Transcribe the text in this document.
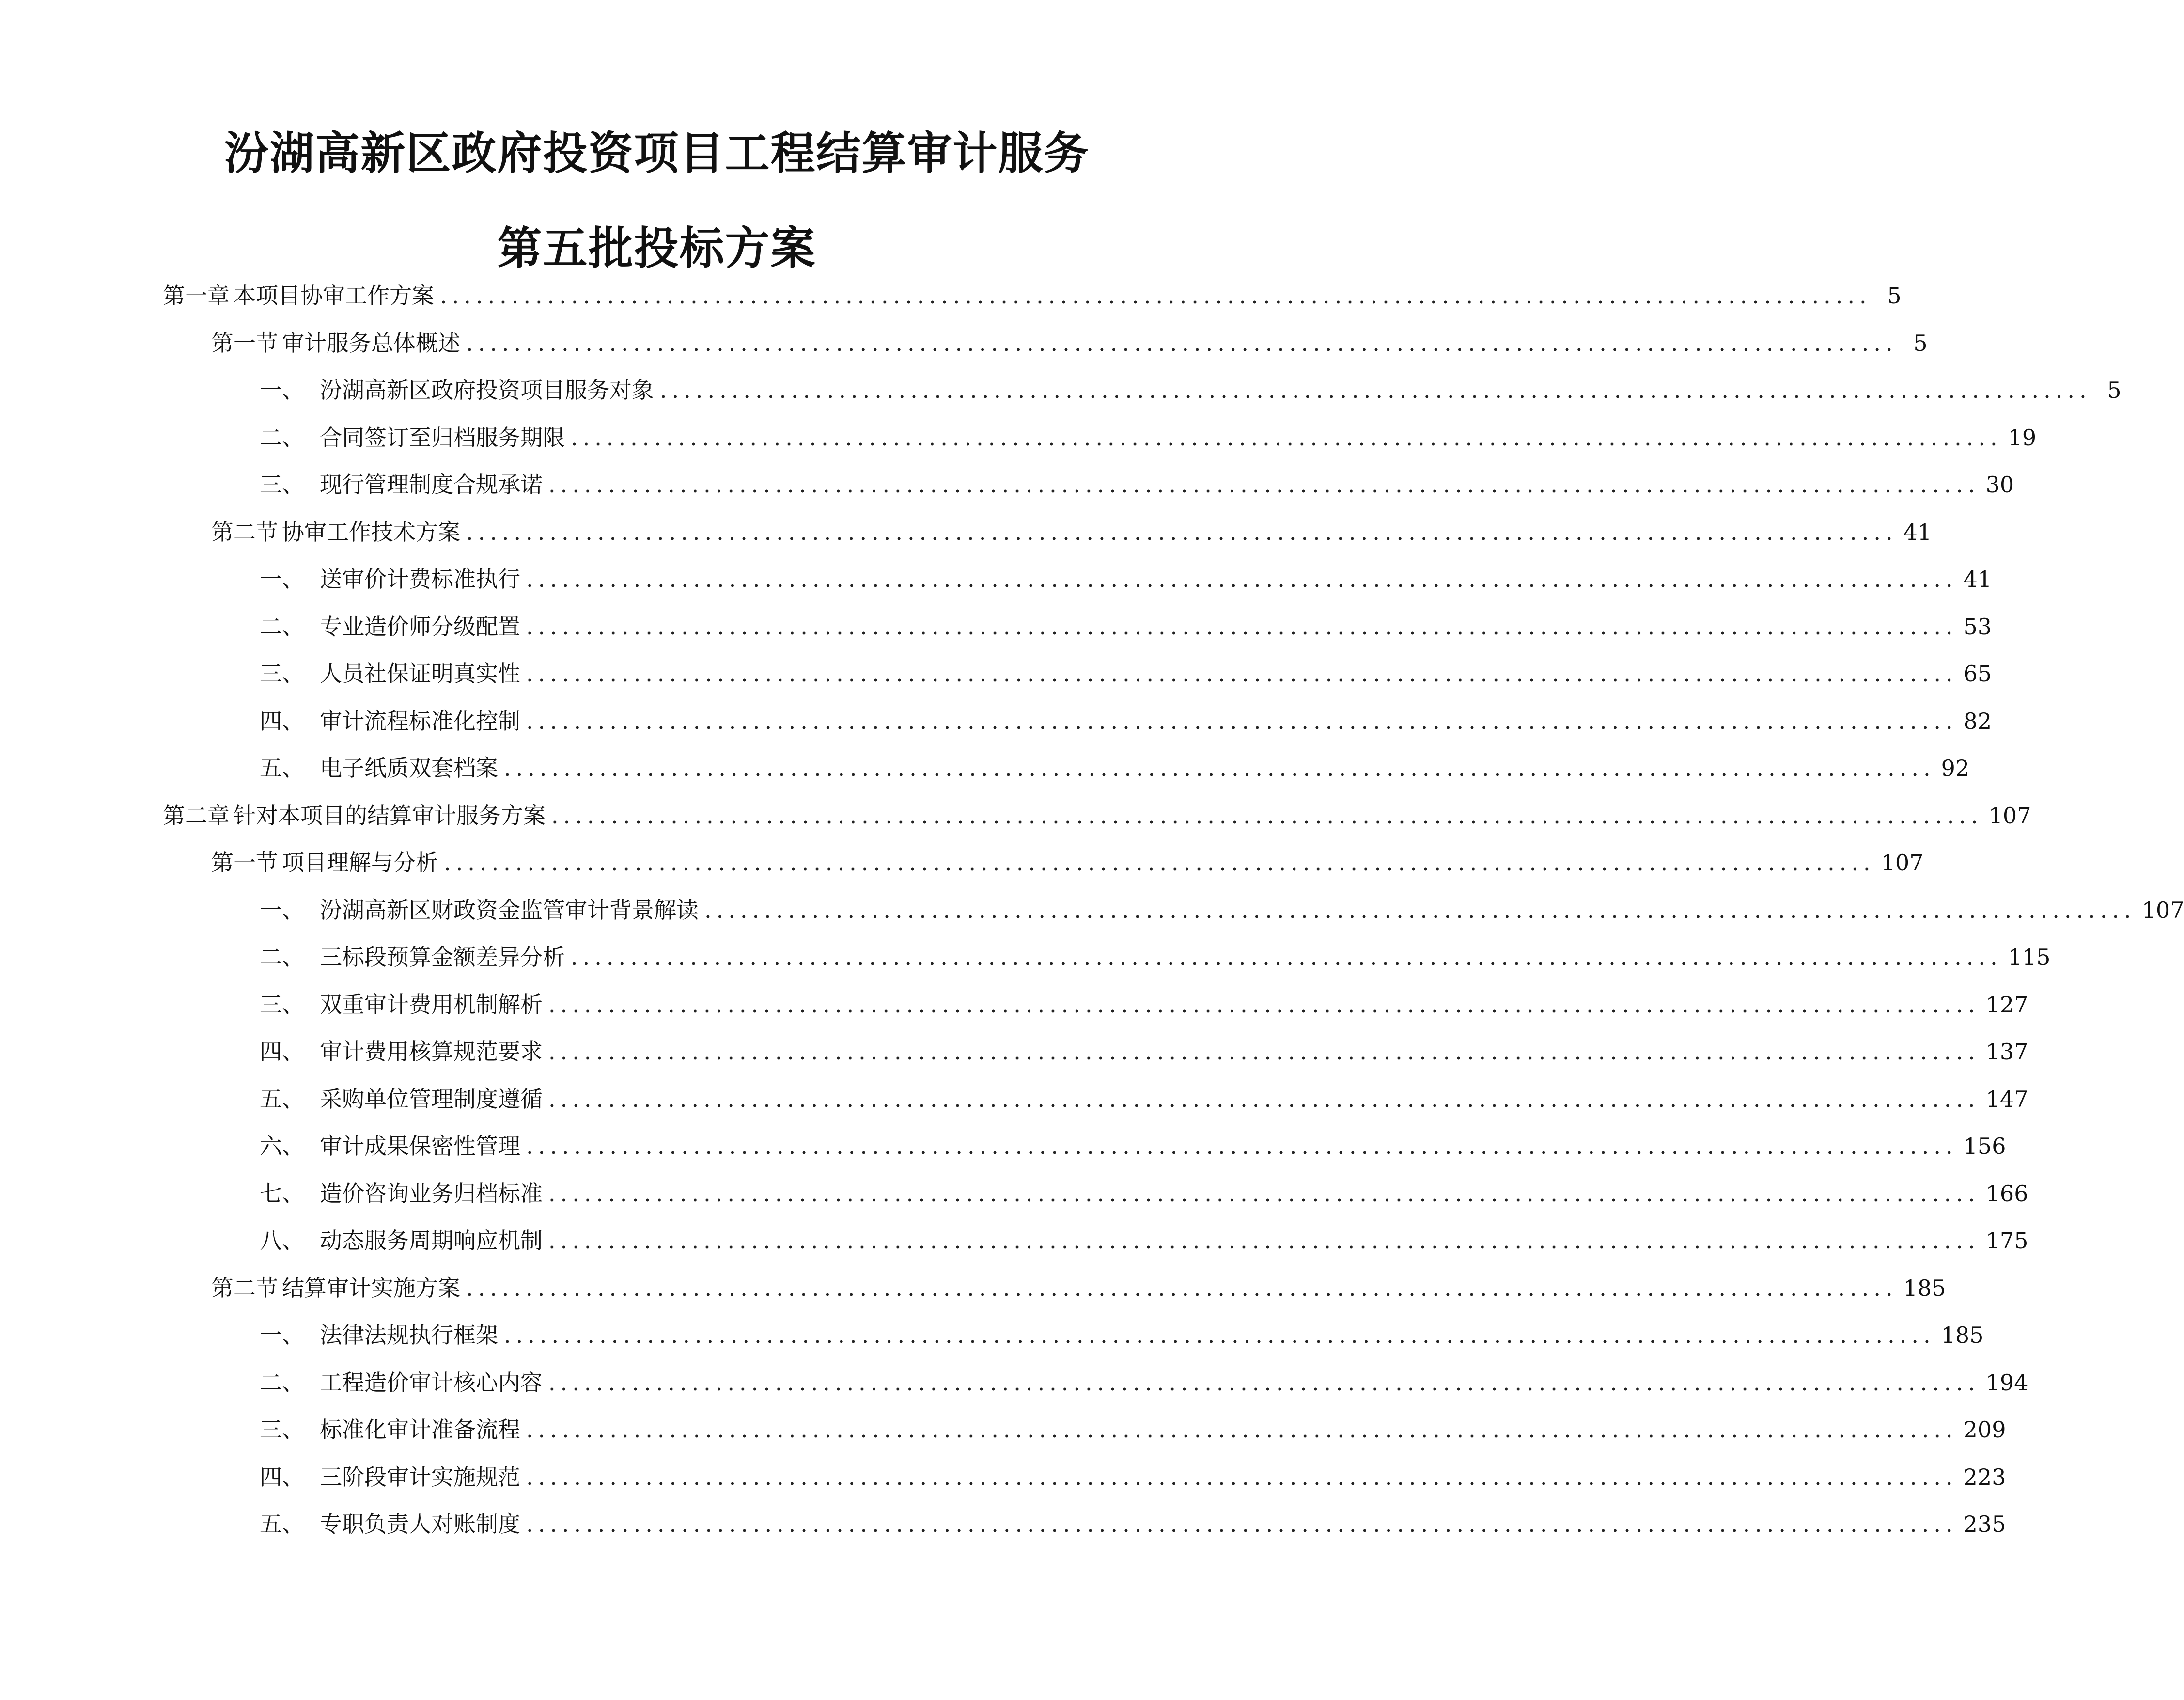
汾湖高新区政府投资项目工程结算审计服务
第五批投标方案
第一章 本项目协审工作方案 ........................................................................................................................ 5
第一节 审计服务总体概述 ........................................................................................................................ 5
一、 汾湖高新区政府投资项目服务对象 ........................................................................................................................ 5
二、 合同签订至归档服务期限 ........................................................................................................................ 19
三、 现行管理制度合规承诺 ........................................................................................................................ 30
第二节 协审工作技术方案 ........................................................................................................................ 41
一、 送审价计费标准执行 ........................................................................................................................ 41
二、 专业造价师分级配置 ........................................................................................................................ 53
三、 人员社保证明真实性 ........................................................................................................................ 65
四、 审计流程标准化控制 ........................................................................................................................ 82
五、 电子纸质双套档案 ........................................................................................................................ 92
第二章 针对本项目的结算审计服务方案 ........................................................................................................................ 107
第一节 项目理解与分析 ........................................................................................................................ 107
一、 汾湖高新区财政资金监管审计背景解读 ........................................................................................................................ 107
二、 三标段预算金额差异分析 ........................................................................................................................ 115
三、 双重审计费用机制解析 ........................................................................................................................ 127
四、 审计费用核算规范要求 ........................................................................................................................ 137
五、 采购单位管理制度遵循 ........................................................................................................................ 147
六、 审计成果保密性管理 ........................................................................................................................ 156
七、 造价咨询业务归档标准 ........................................................................................................................ 166
八、 动态服务周期响应机制 ........................................................................................................................ 175
第二节 结算审计实施方案 ........................................................................................................................ 185
一、 法律法规执行框架 ........................................................................................................................ 185
二、 工程造价审计核心内容 ........................................................................................................................ 194
三、 标准化审计准备流程 ........................................................................................................................ 209
四、 三阶段审计实施规范 ........................................................................................................................ 223
五、 专职负责人对账制度 ........................................................................................................................ 235
